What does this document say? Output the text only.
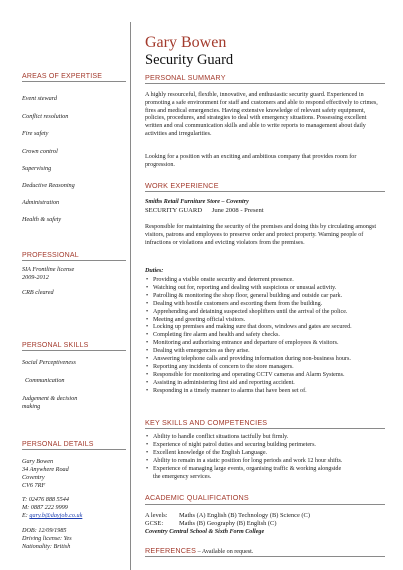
Gary Bowen
Security Guard

AREAS OF EXPERTISE

Event steward

Conflict resolution

Fire safety

Crown control

Supervising

Deductive Reasoning

Administration

Health & safety

PROFESSIONAL

SIA Frontline license

2009-2012

CRB cleared

PERSONAL SKILLS

Social Perceptiveness

Communication

Judgement & decision

making

PERSONAL DETAILS

Gary Bowen

34 Anywhere Road

Coventry

CV6 7RF

T: 02476 888 5544

M: 0887 222 9999

E: gary.b@dayjob.co.uk

DOB: 12/09/1985

Driving license: Yes

Nationality: British

PERSONAL SUMMARY

A highly resourceful, flexible, innovative, and enthusiastic security guard. Experienced in promoting a safe environment for staff and customers and able to respond effectively to crimes, fires and medical emergencies. Having extensive knowledge of relevant safety equipment, policies, procedures, and strategies to deal with emergency situations. Possessing excellent written and oral communication skills and able to write reports to management about daily activities and irregularities.

Looking for a position with an exciting and ambitious company that provides room for progression.

WORK EXPERIENCE
Smiths Retail Furniture Store – Coventry
SECURITY GUARD June 2008 - Present

Responsible for maintaining the security of the premises and doing this by circulating amongst visitors, patrons and employees to preserve order and protect property. Warning people of infractions or violations and evicting violators from the premises.

Duties:
• Providing a visible onsite security and deterrent presence.
• Watching out for, reporting and dealing with suspicious or unusual activity.
• Patrolling & monitoring the shop floor, general building and outside car park.
• Dealing with hostile customers and escorting them from the building.
• Apprehending and detaining suspected shoplifters until the arrival of the police.
• Meeting and greeting official visitors.
• Locking up premises and making sure that doors, windows and gates are secured.
• Completing fire alarm and health and safety checks.
• Monitoring and authorising entrance and departure of employees & visitors.
• Dealing with emergencies as they arise.
• Answering telephone calls and providing information during non-business hours.
• Reporting any incidents of concern to the store managers.
• Responsible for monitoring and operating CCTV cameras and Alarm Systems.
• Assisting in administering first aid and reporting accident.
• Responding in a timely manner to alarms that have been set of.
KEY SKILLS AND COMPETENCIES
• Ability to handle conflict situations tactfully but firmly.
• Experience of night patrol duties and securing building perimeters.
• Excellent knowledge of the English Language.
• Ability to remain in a static position for long periods and work 12 hour shifts.
• Experience of managing large events, organising traffic & working alongside
the emergency services.
ACADEMIC QUALIFICATIONS
A levels: Maths (A) English (B) Technology (B) Science (C)
GCSE: Maths (B) Geography (B) English (C)
Coventry Central School & Sixth Form College
REFERENCES – Available on request.
